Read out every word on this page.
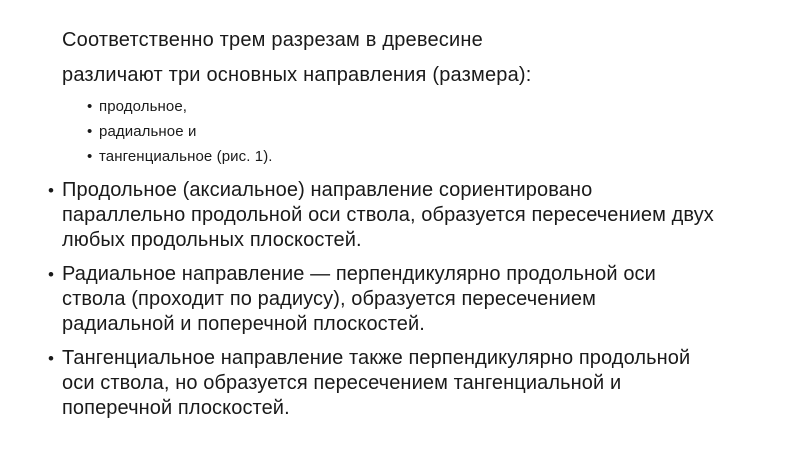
Соответственно трем разрезам в древесине

различают три основных направления (размера):

• продольное,
• радиальное и
• тангенциальное (рис. 1).
• Продольное (аксиальное) направление сориентировано параллельно продольной оси ствола, образуется пересечением двух любых продольных плоскостей.
• Радиальное направление — перпендикулярно продольной оси ствола (проходит по радиусу), образуется пересечением радиальной и поперечной плоскостей.
• Тангенциальное направление также перпендикулярно продольной оси ствола, но образуется пересечением тангенциальной и поперечной плоскостей.
